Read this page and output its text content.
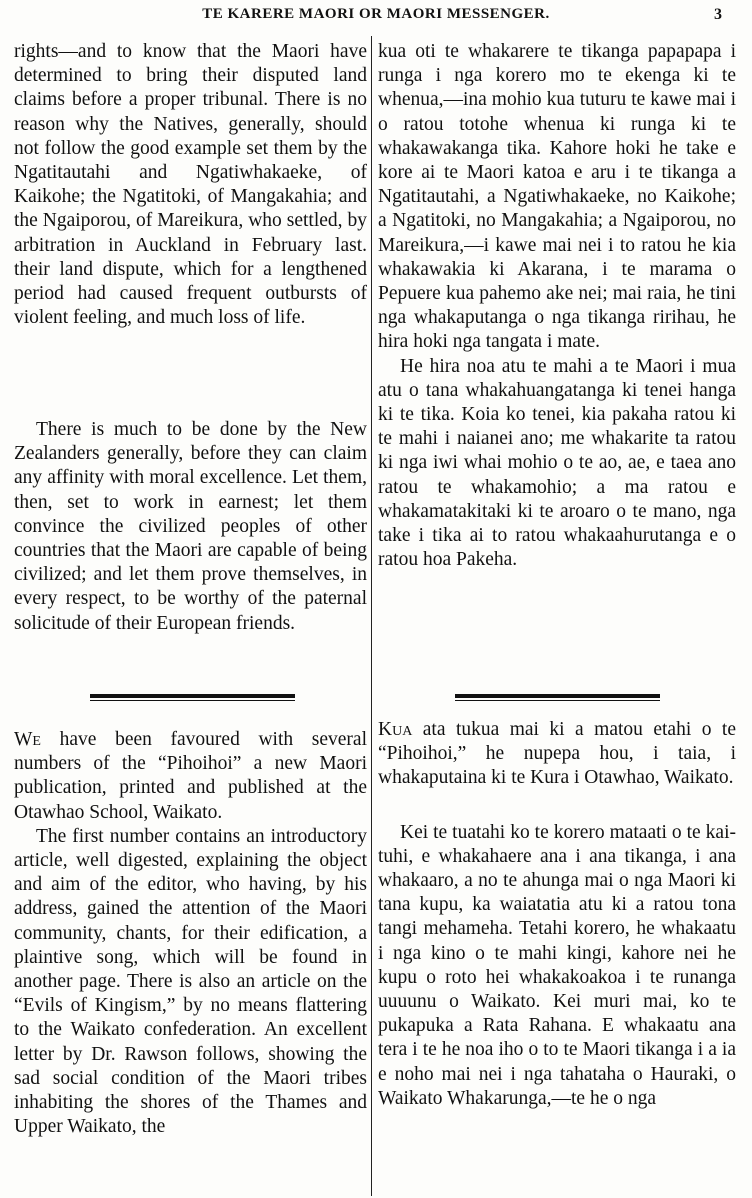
TE KARERE MAORI OR MAORI MESSENGER.	3

rights—and to know that the Maori have determined to bring their disputed land claims before a proper tribunal. There is no reason why the Natives, generally, should not follow the good example set them by the Ngatitautahi and Ngatiwhakaeke, of Kaikohe; the Ngatitoki, of Mangakahia; and the Ngaiporou, of Mareikura, who settled, by arbitration in Auckland in February last. their land dispute, which for a lengthened period had caused frequent outbursts of violent feeling, and much loss of life.

There is much to be done by the New Zealanders generally, before they can claim any affinity with moral excellence. Let them, then, set to work in earnest; let them convince the civilized peoples of other countries that the Maori are capable of being civilized; and let them prove themselves, in every respect, to be worthy of the paternal solicitude of their European friends.

We have been favoured with several numbers of the “Pihoihoi” a new Maori publication, printed and published at the Otawhao School, Waikato.

The first number contains an introductory article, well digested, explaining the object and aim of the editor, who having, by his address, gained the attention of the Maori community, chants, for their edification, a plaintive song, which will be found in another page. There is also an article on the “Evils of Kingism,” by no means flattering to the Waikato confederation. An excellent letter by Dr. Rawson follows, showing the sad social condition of the Maori tribes inhabiting the shores of the Thames and Upper Waikato, the

kua oti te whakarere te tikanga papapapa i runga i nga korero mo te ekenga ki te whenua,—ina mohio kua tuturu te kawe mai i o ratou totohe whenua ki runga ki te whakawakanga tika. Kahore hoki he take e kore ai te Maori katoa e aru i te tikanga a Ngatitautahi, a Ngatiwhakaeke, no Kaikohe; a Ngatitoki, no Mangakahia; a Ngaiporou, no Mareikura,—i kawe mai nei i to ratou he kia whakawakia ki Akarana, i te marama o Pepuere kua pahemo ake nei; mai raia, he tini nga whakaputanga o nga tikanga ririhau, he hira hoki nga tangata i mate.

He hira noa atu te mahi a te Maori i mua atu o tana whakahuangatanga ki tenei hanga ki te tika. Koia ko tenei, kia pakaha ratou ki te mahi i naianei ano; me whakarite ta ratou ki nga iwi whai mohio o te ao, ae, e taea ano ratou te whakamohio; a ma ratou e whakamatakitaki ki te aroaro o te mano, nga take i tika ai to ratou whakaahurutanga e o ratou hoa Pakeha.

Kua ata tukua mai ki a matou etahi o te “Pihoihoi,” he nupepa hou, i taia, i whakaputaina ki te Kura i Otawhao, Waikato.

Kei te tuatahi ko te korero mataati o te kai-tuhi, e whakahaere ana i ana tikanga, i ana whakaaro, a no te ahunga mai o nga Maori ki tana kupu, ka waiatatia atu ki a ratou tona tangi mehameha. Tetahi korero, he whakaatu i nga kino o te mahi kingi, kahore nei he kupu o roto hei whakakoakoa i te runanga uuuunu o Waikato. Kei muri mai, ko te pukapuka a Rata Rahana. E whakaatu ana tera i te he noa iho o to te Maori tikanga i a ia e noho mai nei i nga tahataha o Hauraki, o Waikato Whakarunga,—te he o nga
